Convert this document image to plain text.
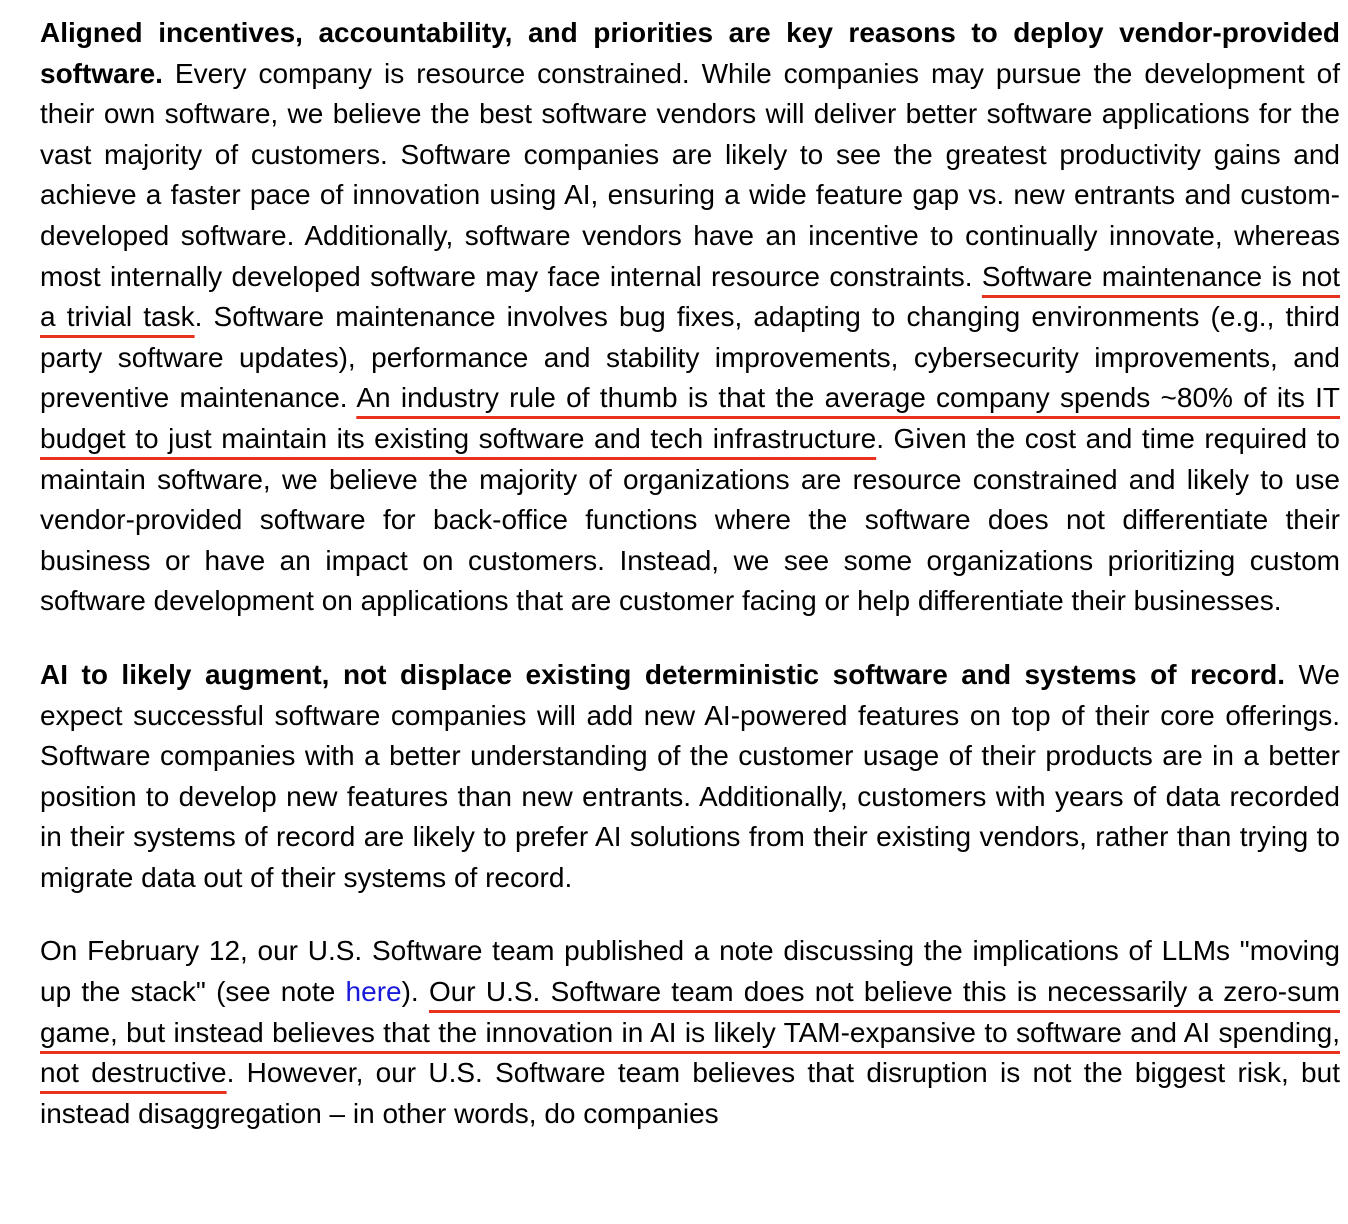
Aligned incentives, accountability, and priorities are key reasons to deploy vendor-provided software. Every company is resource constrained. While companies may pursue the development of their own software, we believe the best software vendors will deliver better software applications for the vast majority of customers. Software companies are likely to see the greatest productivity gains and achieve a faster pace of innovation using AI, ensuring a wide feature gap vs. new entrants and custom-developed software. Additionally, software vendors have an incentive to continually innovate, whereas most internally developed software may face internal resource constraints. Software maintenance is not a trivial task. Software maintenance involves bug fixes, adapting to changing environments (e.g., third party software updates), performance and stability improvements, cybersecurity improvements, and preventive maintenance. An industry rule of thumb is that the average company spends ~80% of its IT budget to just maintain its existing software and tech infrastructure. Given the cost and time required to maintain software, we believe the majority of organizations are resource constrained and likely to use vendor-provided software for back-office functions where the software does not differentiate their business or have an impact on customers. Instead, we see some organizations prioritizing custom software development on applications that are customer facing or help differentiate their businesses.

AI to likely augment, not displace existing deterministic software and systems of record. We expect successful software companies will add new AI-powered features on top of their core offerings. Software companies with a better understanding of the customer usage of their products are in a better position to develop new features than new entrants. Additionally, customers with years of data recorded in their systems of record are likely to prefer AI solutions from their existing vendors, rather than trying to migrate data out of their systems of record.

On February 12, our U.S. Software team published a note discussing the implications of LLMs "moving up the stack" (see note here). Our U.S. Software team does not believe this is necessarily a zero-sum game, but instead believes that the innovation in AI is likely TAM-expansive to software and AI spending, not destructive. However, our U.S. Software team believes that disruption is not the biggest risk, but instead disaggregation – in other words, do companies
